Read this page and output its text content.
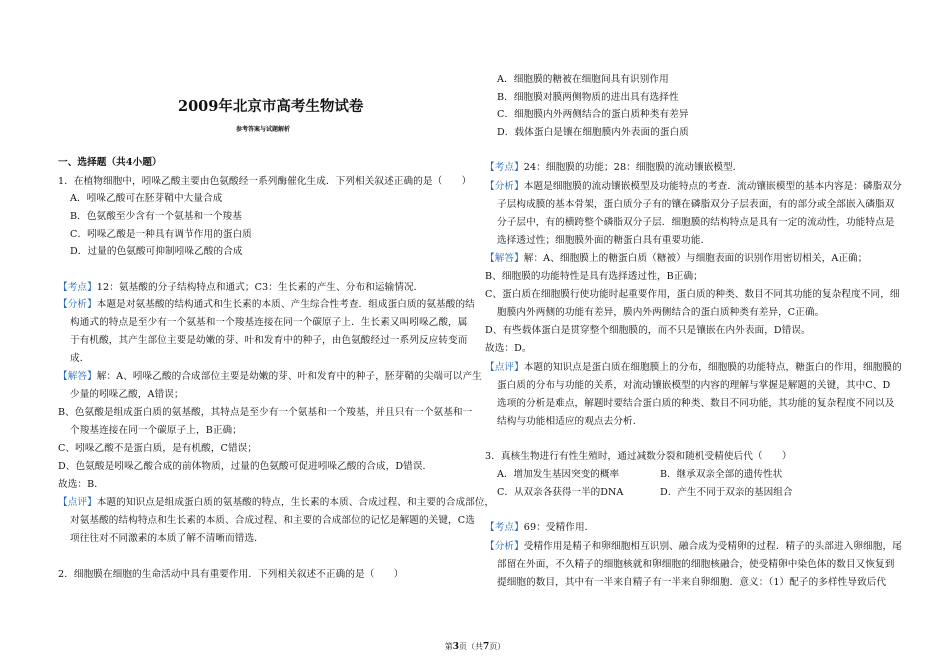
2009年北京市高考生物试卷
参考答案与试题解析
一、选择题（共4小题）
1．在植物细胞中，吲哚乙酸主要由色氨酸经一系列酶催化生成．下列相关叙述正确的是（　　）
A．吲哚乙酸可在胚芽鞘中大量合成
B．色氨酸至少含有一个氨基和一个羧基
C．吲哚乙酸是一种具有调节作用的蛋白质
D．过量的色氨酸可抑制吲哚乙酸的合成
【考点】12：氨基酸的分子结构特点和通式；C3：生长素的产生、分布和运输情况．
【分析】本题是对氨基酸的结构通式和生长素的本质、产生综合性考查．组成蛋白质的氨基酸的结
构通式的特点是至少有一个氨基和一个羧基连接在同一个碳原子上．生长素又叫吲哚乙酸，属
于有机酸，其产生部位主要是幼嫩的芽、叶和发育中的种子，由色氨酸经过一系列反应转变而
成．
【解答】解：A、吲哚乙酸的合成部位主要是幼嫩的芽、叶和发育中的种子，胚芽鞘的尖端可以产生
少量的吲哚乙酸，A错误；
B、色氨酸是组成蛋白质的氨基酸，其特点是至少有一个氨基和一个羧基，并且只有一个氨基和一
个羧基连接在同一个碳原子上，B正确；
C、吲哚乙酸不是蛋白质，是有机酸，C错误；
D、色氨酸是吲哚乙酸合成的前体物质，过量的色氨酸可促进吲哚乙酸的合成，D错误．
故选：B．
【点评】本题的知识点是组成蛋白质的氨基酸的特点，生长素的本质、合成过程、和主要的合成部位，
对氨基酸的结构特点和生长素的本质、合成过程、和主要的合成部位的记忆是解题的关键，C选
项往往对不同激素的本质了解不清晰而错选．
2．细胞膜在细胞的生命活动中具有重要作用．下列相关叙述不正确的是（　　）
A．细胞膜的糖被在细胞间具有识别作用
B．细胞膜对膜两侧物质的进出具有选择性
C．细胞膜内外两侧结合的蛋白质种类有差异
D．载体蛋白是镶在细胞膜内外表面的蛋白质
【考点】24：细胞膜的功能；28：细胞膜的流动镶嵌模型．
【分析】本题是细胞膜的流动镶嵌模型及功能特点的考查．流动镶嵌模型的基本内容是：磷脂双分
子层构成膜的基本骨架，蛋白质分子有的镶在磷脂双分子层表面，有的部分或全部嵌入磷脂双
分子层中，有的横跨整个磷脂双分子层．细胞膜的结构特点是具有一定的流动性，功能特点是
选择透过性；细胞膜外面的糖蛋白具有重要功能．
【解答】解：A、细胞膜上的糖蛋白质（糖被）与细胞表面的识别作用密切相关，A正确；
B、细胞膜的功能特性是具有选择透过性，B正确；
C、蛋白质在细胞膜行使功能时起重要作用，蛋白质的种类、数目不同其功能的复杂程度不同，细
胞膜内外两侧的功能有差异，膜内外两侧结合的蛋白质种类有差异，C正确。
D、有些载体蛋白是贯穿整个细胞膜的，而不只是镶嵌在内外表面，D错误。
故选：D。
【点评】本题的知识点是蛋白质在细胞膜上的分布，细胞膜的功能特点，糖蛋白的作用，细胞膜的
蛋白质的分布与功能的关系，对流动镶嵌模型的内容的理解与掌握是解题的关键，其中C、D
选项的分析是难点，解题时要结合蛋白质的种类、数目不同功能，其功能的复杂程度不同以及
结构与功能相适应的观点去分析．
3．真核生物进行有性生殖时，通过减数分裂和随机受精使后代（　　）
A．增加发生基因突变的概率	B．继承双亲全部的遗传性状
C．从双亲各获得一半的DNA	D．产生不同于双亲的基因组合
【考点】69：受精作用．
【分析】受精作用是精子和卵细胞相互识别、融合成为受精卵的过程．精子的头部进入卵细胞，尾
部留在外面，不久精子的细胞核就和卵细胞的细胞核融合，使受精卵中染色体的数目又恢复到
提细胞的数目，其中有一半来自精子有一半来自卵细胞．意义：（1）配子的多样性导致后代
第3页（共7页）
